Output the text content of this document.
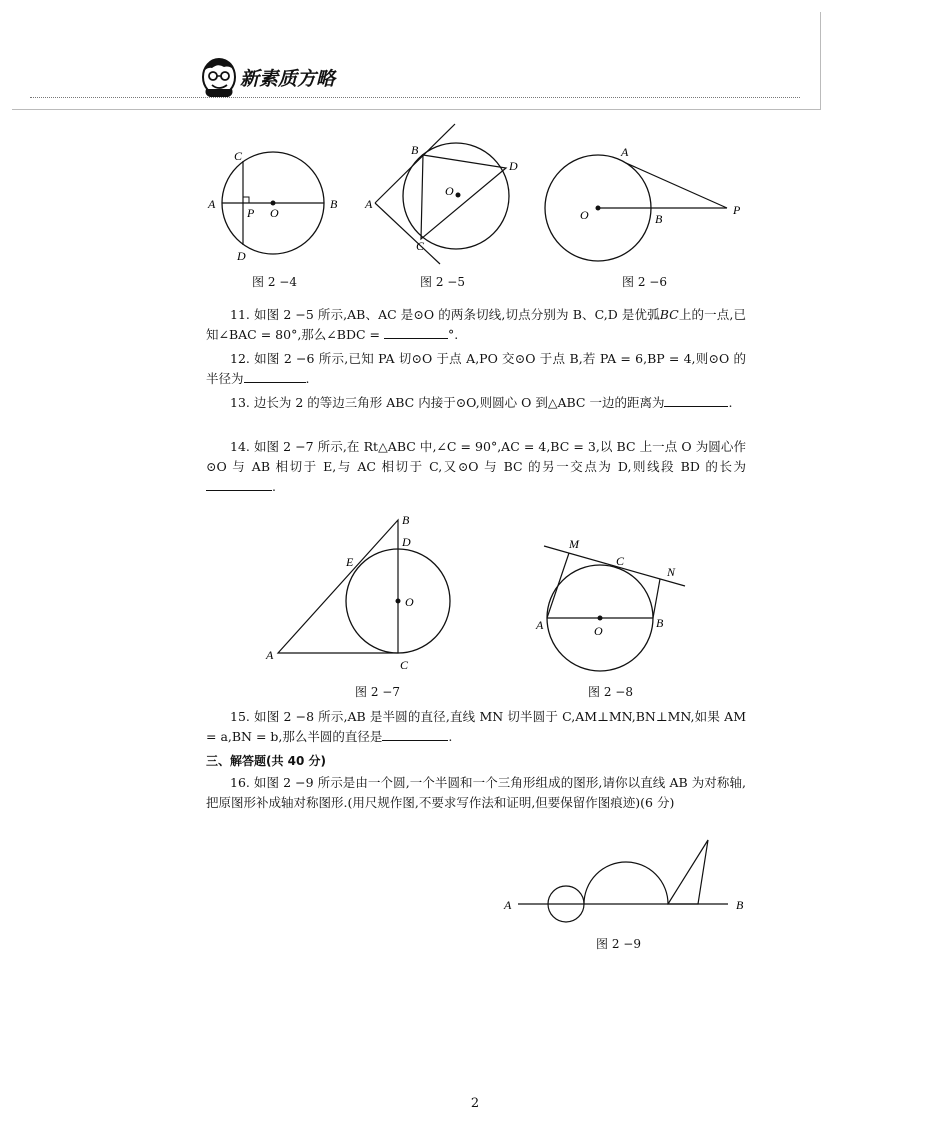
新素质方略
C
A
P O
B
D
图 2 −4
B
D
O
A
C
图 2 −5
A
O	B
P
图 2 −6

11. 如图 2 −5 所示,AB、AC 是⊙O 的两条切线,切点分别为 B、C,D 是优弧BC上的一点,已知∠BAC = 80°,那么∠BDC =	°.

12. 如图 2 −6 所示,已知 PA 切⊙O 于点 A,PO 交⊙O 于点 B,若 PA = 6,BP = 4,则⊙O 的半径为	.

13. 边长为 2 的等边三角形 ABC 内接于⊙O,则圆心 O 到△ABC 一边的距离为	.

14. 如图 2 −7 所示,在 Rt△ABC 中,∠C = 90°,AC = 4,BC = 3,以 BC 上一点 O 为圆心作⊙O 与 AB 相切于 E,与 AC 相切于 C,又⊙O 与 BC 的另一交点为 D,则线段 BD 的长为.

B
D
E
O
A
C
图 2 −7
M
C
N
A	O
B
图 2 −8

15. 如图 2 −8 所示,AB 是半圆的直径,直线 MN 切半圆于 C,AM⊥MN,BN⊥MN,如果 AM = a,BN = b,那么半圆的直径是	.

三、解答题(共 40 分)

16. 如图 2 −9 所示是由一个圆,一个半圆和一个三角形组成的图形,请你以直线 AB 为对称轴,把原图形补成轴对称图形.(用尺规作图,不要求写作法和证明,但要保留作图痕迹)(6 分)

A	B
图 2 −9
2
